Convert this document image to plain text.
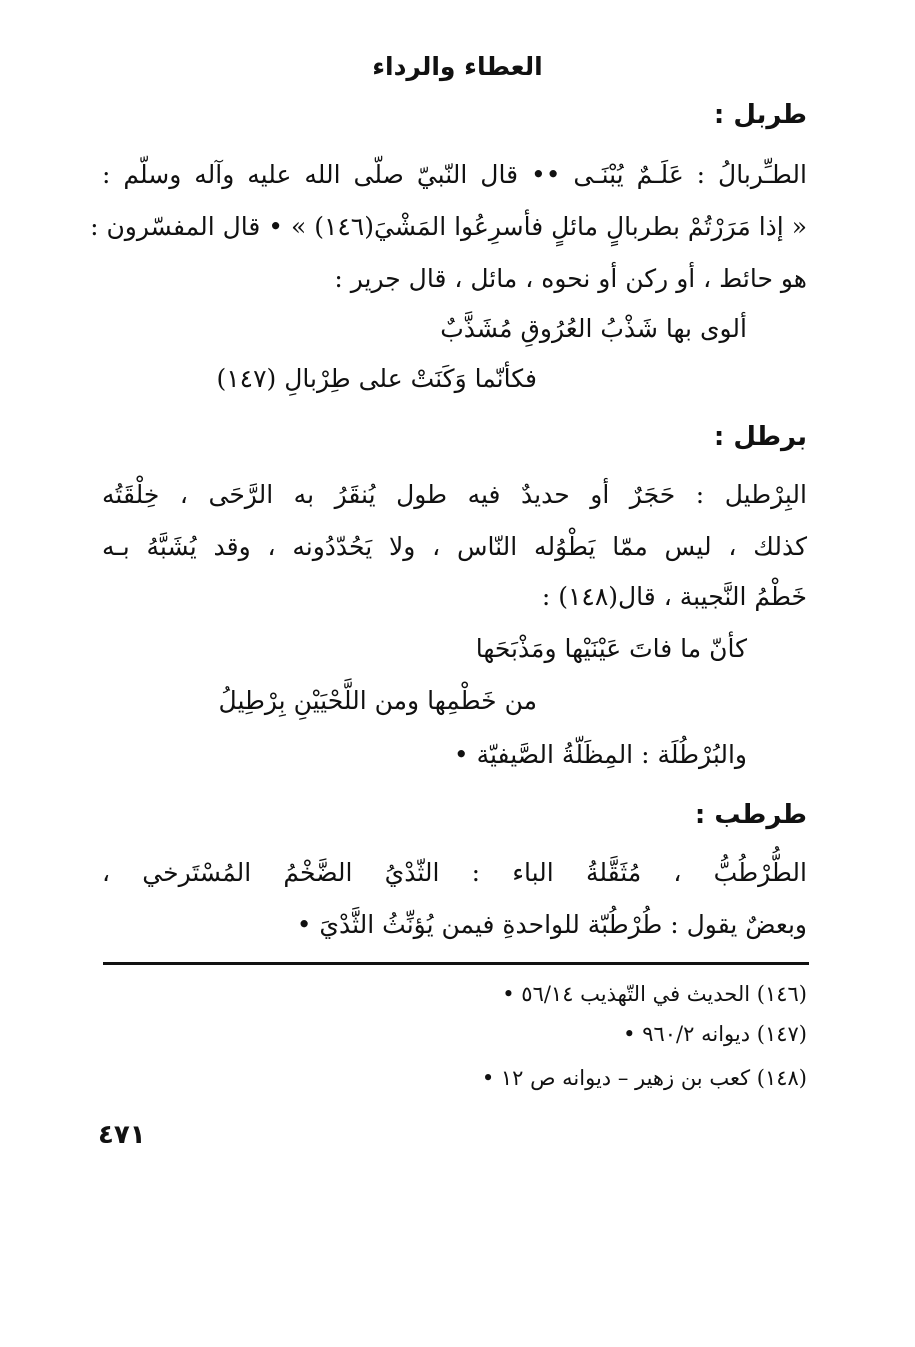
العطاء والرداء
طربل :
الطـِّربالُ : عَلَـمٌ يُبْنَـى •• قال النّبيّ صلّى الله عليه وآله وسلّم :
« إذا مَرَرْتُمْ بطربالٍ مائلٍ فأسرِعُوا المَشْيَ(١٤٦) » • قال المفسّرون :
هو حائط ، أو ركن أو نحوه ، مائل ، قال جرير :
ألوى بها شَذْبُ العُرُوقِ مُشَذَّبٌ
فكأنّما وَكَنَتْ على طِرْبالِ (١٤٧)
برطل :
البِرْطيل : حَجَرٌ أو حديدٌ فيه طول يُنقَرُ به الرَّحَى ، خِلْقَتُه
كذلك ، ليس ممّا يَطْوُله النّاس ، ولا يَحُدّدُونه ، وقد يُشَبَّهُ بـه
خَطْمُ النَّجيبة ، قال(١٤٨) :
كأنّ ما فاتَ عَيْنَيْها ومَذْبَحَها
من خَطْمِها ومن اللَّحْيَيْنِ بِرْطِيلُ
والبُرْطُلَة : المِظَلّةُ الصَّيفيّة •
طرطب :
الطُّرْطُبُّ ، مُثَقَّلةُ الباء : الثّدْيُ الضَّخْمُ المُسْتَرخي ،
وبعضٌ يقول : طُرْطُبّة للواحدةِ فيمن يُؤنِّثُ الثَّدْيَ •
(١٤٦) الحديث في التّهذيب ٥٦/١٤ •
(١٤٧) ديوانه ٩٦٠/٢ •
(١٤٨) كعب بن زهير – ديوانه ص ١٢ •
٤٧١
